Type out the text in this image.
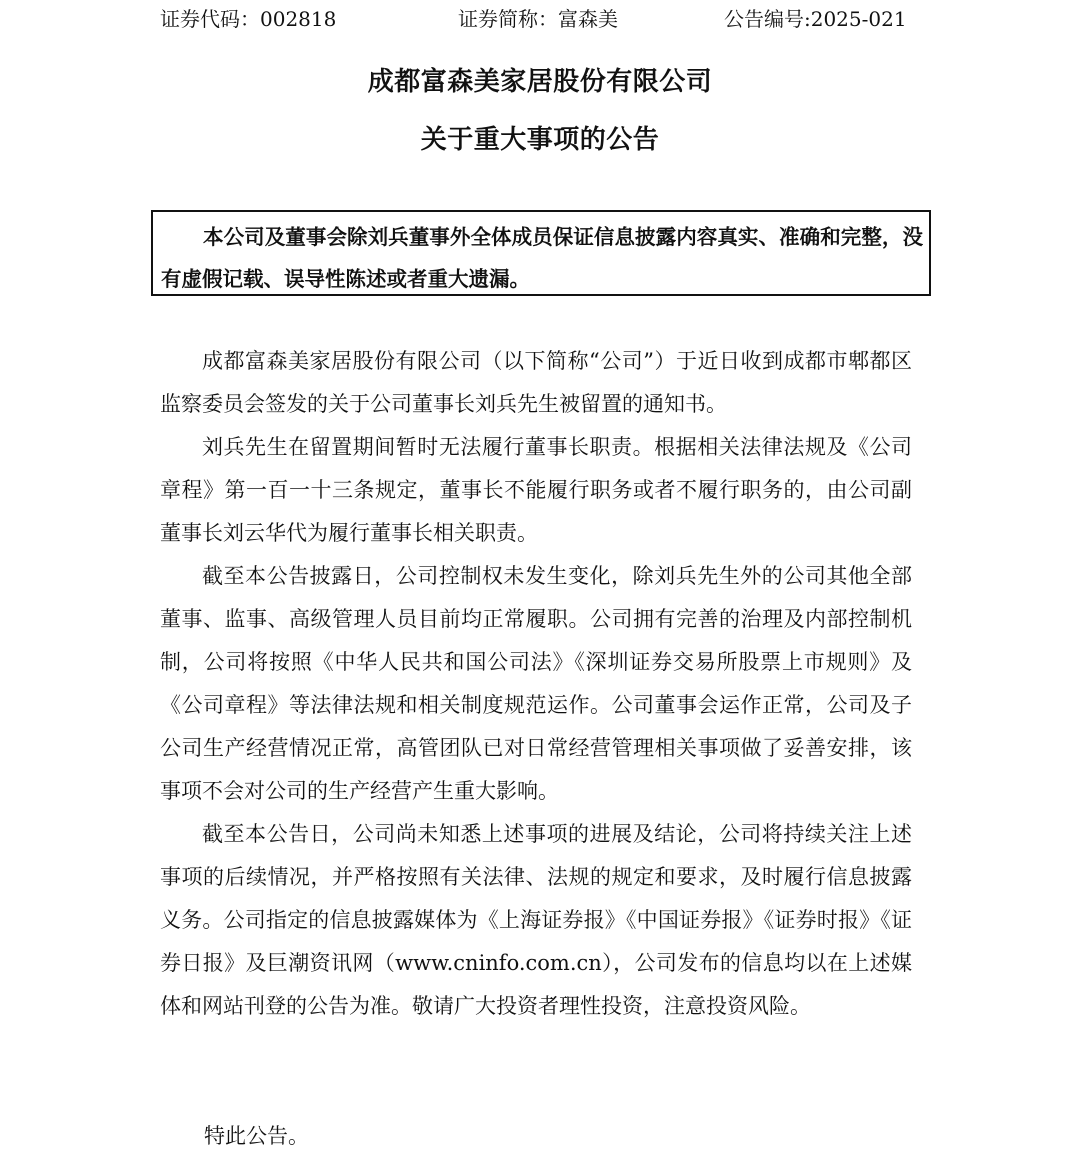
证券代码：002818	证券简称：富森美	公告编号:2025-021
成都富森美家居股份有限公司
关于重大事项的公告

本公司及董事会除刘兵董事外全体成员保证信息披露内容真实、准确和完整，没有虚假记载、误导性陈述或者重大遗漏。

成都富森美家居股份有限公司（以下简称“公司”）于近日收到成都市郫都区监察委员会签发的关于公司董事长刘兵先生被留置的通知书。

刘兵先生在留置期间暂时无法履行董事长职责。根据相关法律法规及《公司章程》第一百一十三条规定，董事长不能履行职务或者不履行职务的，由公司副董事长刘云华代为履行董事长相关职责。

截至本公告披露日，公司控制权未发生变化，除刘兵先生外的公司其他全部董事、监事、高级管理人员目前均正常履职。公司拥有完善的治理及内部控制机制，公司将按照《中华人民共和国公司法》《深圳证券交易所股票上市规则》及《公司章程》等法律法规和相关制度规范运作。公司董事会运作正常，公司及子公司生产经营情况正常，高管团队已对日常经营管理相关事项做了妥善安排，该事项不会对公司的生产经营产生重大影响。

截至本公告日，公司尚未知悉上述事项的进展及结论，公司将持续关注上述事项的后续情况，并严格按照有关法律、法规的规定和要求，及时履行信息披露义务。公司指定的信息披露媒体为《上海证券报》《中国证券报》《证券时报》《证券日报》及巨潮资讯网（www.cninfo.com.cn），公司发布的信息均以在上述媒体和网站刊登的公告为准。敬请广大投资者理性投资，注意投资风险。

特此公告。
